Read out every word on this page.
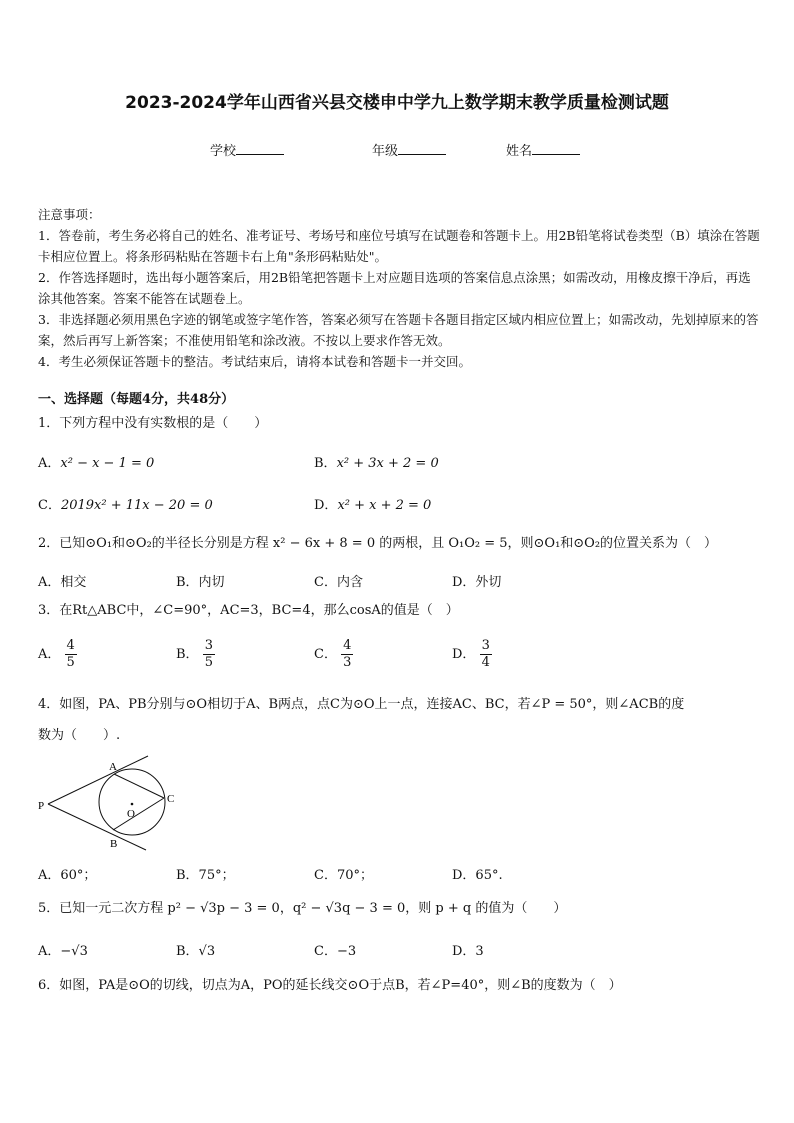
2023-2024学年山西省兴县交楼申中学九上数学期末教学质量检测试题
学校	年级	姓名

注意事项：

1．答卷前，考生务必将自己的姓名、准考证号、考场号和座位号填写在试题卷和答题卡上。用2B铅笔将试卷类型（B）填涂在答题卡相应位置上。将条形码粘贴在答题卡右上角"条形码粘贴处"。

2．作答选择题时，选出每小题答案后，用2B铅笔把答题卡上对应题目选项的答案信息点涂黑；如需改动，用橡皮擦干净后，再选涂其他答案。答案不能答在试题卷上。

3．非选择题必须用黑色字迹的钢笔或签字笔作答，答案必须写在答题卡各题目指定区域内相应位置上；如需改动，先划掉原来的答案，然后再写上新答案；不准使用铅笔和涂改液。不按以上要求作答无效。

4．考生必须保证答题卡的整洁。考试结束后，请将本试卷和答题卡一并交回。

一、选择题（每题4分，共48分）
1．下列方程中没有实数根的是（　　）
A．x² − x − 1 = 0	B．x² + 3x + 2 = 0
C．2019x² + 11x − 20 = 0	D．x² + x + 2 = 0
2．已知⊙O₁和⊙O₂的半径长分别是方程 x² − 6x + 8 = 0 的两根，且 O₁O₂ = 5，则⊙O₁和⊙O₂的位置关系为（　）
A．相交	B．内切	C．内含	D．外切
3．在Rt△ABC中，∠C=90°，AC=3，BC=4，那么cosA的值是（　）
A． $\frac{4}{5}$	B． $\frac{3}{5}$	C． $\frac{4}{3}$	D． $\frac{3}{4}$
4．如图，PA、PB分别与⊙O相切于A、B两点，点C为⊙O上一点，连接AC、BC，若∠P = 50°，则∠ACB的度
数为（　　）.
P
A
B
C
O
A．60°；	B．75°；	C．70°；	D．65°.
5．已知一元二次方程 p² − √3p − 3 = 0，q² − √3q − 3 = 0，则 p + q 的值为（　　）
A．−√3	B．√3	C．−3	D．3
6．如图，PA是⊙O的切线，切点为A，PO的延长线交⊙O于点B，若∠P=40°，则∠B的度数为（　）
